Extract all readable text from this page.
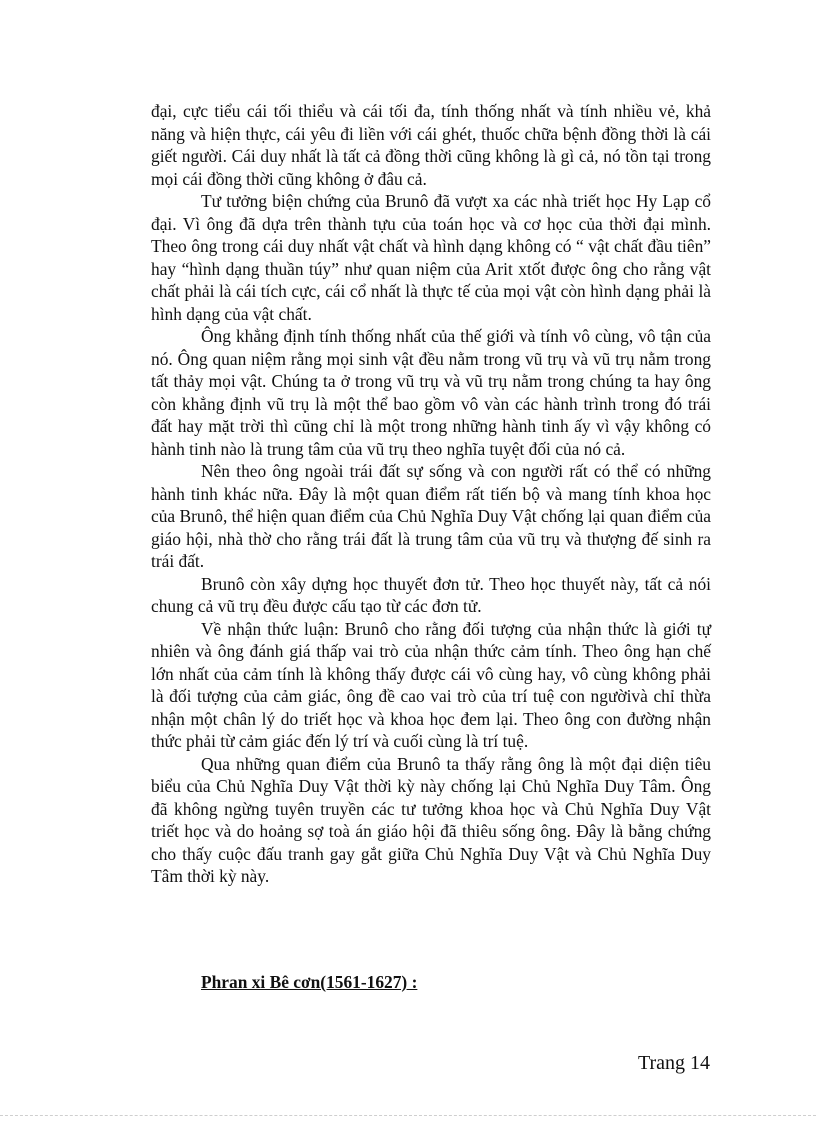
đại, cực tiểu cái tối thiểu và cái tối đa, tính thống nhất và tính nhiều vẻ, khả năng và hiện thực, cái yêu đi liền với cái ghét, thuốc chữa bệnh đồng thời là cái giết người. Cái duy nhất là tất cả đồng thời cũng không là gì cả, nó tồn tại trong mọi cái đồng thời cũng không ở đâu cả.

Tư tưởng biện chứng của Brunô đã vượt xa các nhà triết học Hy Lạp cổ đại. Vì ông đã dựa trên thành tựu của toán học và cơ học của thời đại mình. Theo ông trong cái duy nhất vật chất và hình dạng không có “ vật chất đầu tiên” hay “hình dạng thuần túy” như quan niệm của Arit xtốt được ông cho rằng vật chất phải là cái tích cực, cái cổ nhất là thực tế của mọi vật còn hình dạng phải là hình dạng của vật chất.

Ông khẳng định tính thống nhất của thế giới và tính vô cùng, vô tận của nó. Ông quan niệm rằng mọi sinh vật đều nằm trong vũ trụ và vũ trụ nằm trong tất thảy mọi vật. Chúng ta ở trong vũ trụ và vũ trụ nằm trong chúng ta hay ông còn khẳng định vũ trụ là một thể bao gồm vô vàn các hành trình trong đó trái đất hay mặt trời thì cũng chỉ là một trong những hành tinh ấy vì vậy không có hành tinh nào là trung tâm của vũ trụ theo nghĩa tuyệt đối của nó cả.

Nên theo ông ngoài trái đất sự sống và con người rất có thể có những hành tinh khác nữa. Đây là một quan điểm rất tiến bộ và mang tính khoa học của Brunô, thể hiện quan điểm của Chủ Nghĩa Duy Vật chống lại quan điểm của giáo hội, nhà thờ cho rằng trái đất là trung tâm của vũ trụ và thượng đế sinh ra trái đất.

Brunô còn xây dựng học thuyết đơn tử. Theo học thuyết này, tất cả nói chung cả vũ trụ đều được cấu tạo từ các đơn tử.

Về nhận thức luận: Brunô cho rằng đối tượng của nhận thức là giới tự nhiên và ông đánh giá thấp vai trò của nhận thức cảm tính. Theo ông hạn chế lớn nhất của cảm tính là không thấy được cái vô cùng hay, vô cùng không phải là đối tượng của cảm giác, ông đề cao vai trò của trí tuệ con ngườivà chỉ thừa nhận một chân lý do triết học và khoa học đem lại. Theo ông con đường nhận thức phải từ cảm giác đến lý trí và cuối cùng là trí tuệ.

Qua những quan điểm của Brunô ta thấy rằng ông là một đại diện tiêu biểu của Chủ Nghĩa Duy Vật thời kỳ này chống lại Chủ Nghĩa Duy Tâm. Ông đã không ngừng tuyên truyền các tư tưởng khoa học và Chủ Nghĩa Duy Vật triết học và do hoảng sợ toà án giáo hội đã thiêu sống ông. Đây là bằng chứng cho thấy cuộc đấu tranh gay gắt giữa Chủ Nghĩa Duy Vật và Chủ Nghĩa Duy Tâm thời kỳ này.

Phran xi Bê cơn(1561-1627) :
Trang 14
